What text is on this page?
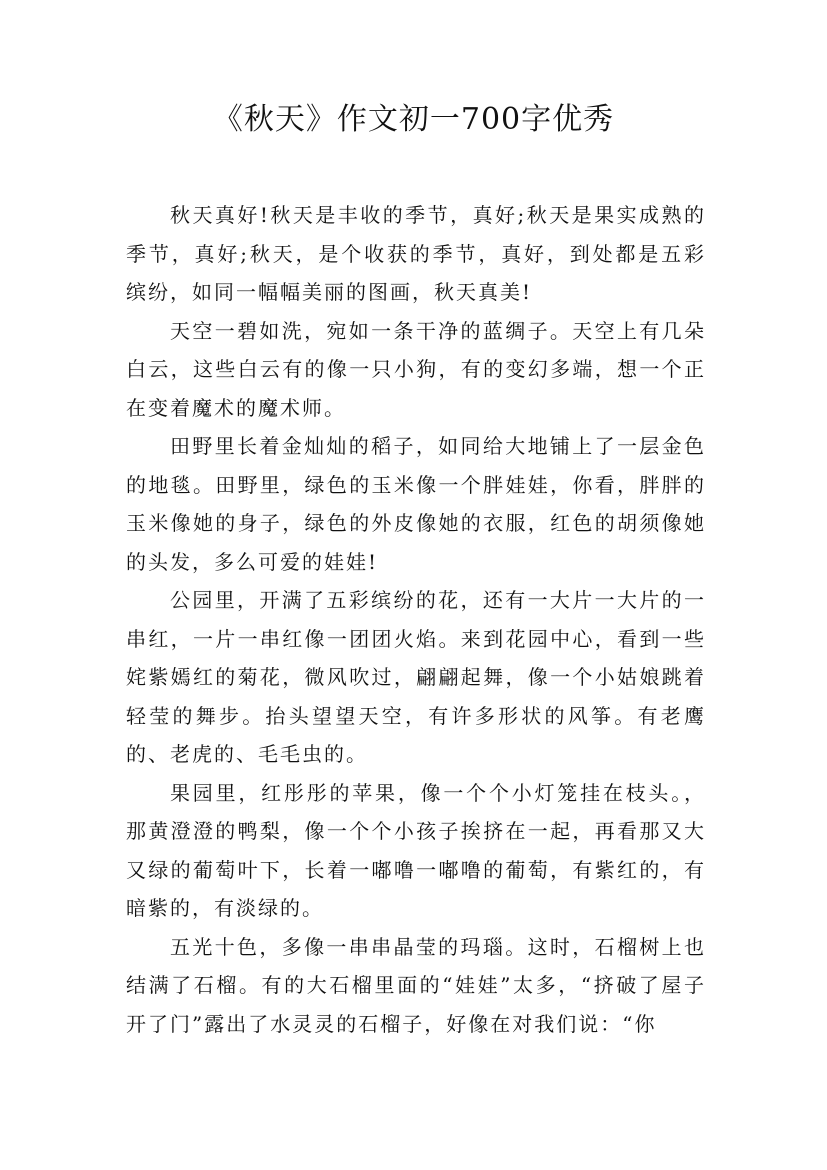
《秋天》作文初一700字优秀

秋天真好!秋天是丰收的季节，真好;秋天是果实成熟的季节，真好;秋天，是个收获的季节，真好，到处都是五彩缤纷，如同一幅幅美丽的图画，秋天真美!

天空一碧如洗，宛如一条干净的蓝绸子。天空上有几朵白云，这些白云有的像一只小狗，有的变幻多端，想一个正在变着魔术的魔术师。

田野里长着金灿灿的稻子，如同给大地铺上了一层金色的地毯。田野里，绿色的玉米像一个胖娃娃，你看，胖胖的玉米像她的身子，绿色的外皮像她的衣服，红色的胡须像她的头发，多么可爱的娃娃!

公园里，开满了五彩缤纷的花，还有一大片一大片的一串红，一片一串红像一团团火焰。来到花园中心，看到一些姹紫嫣红的菊花，微风吹过，翩翩起舞，像一个小姑娘跳着轻莹的舞步。抬头望望天空，有许多形状的风筝。有老鹰的、老虎的、毛毛虫的。

果园里，红彤彤的苹果，像一个个小灯笼挂在枝头。，那黄澄澄的鸭梨，像一个个小孩子挨挤在一起，再看那又大又绿的葡萄叶下，长着一嘟噜一嘟噜的葡萄，有紫红的，有暗紫的，有淡绿的。

五光十色，多像一串串晶莹的玛瑙。这时，石榴树上也结满了石榴。有的大石榴里面的“娃娃”太多，“挤破了屋子开了门”露出了水灵灵的石榴子，好像在对我们说：“你
